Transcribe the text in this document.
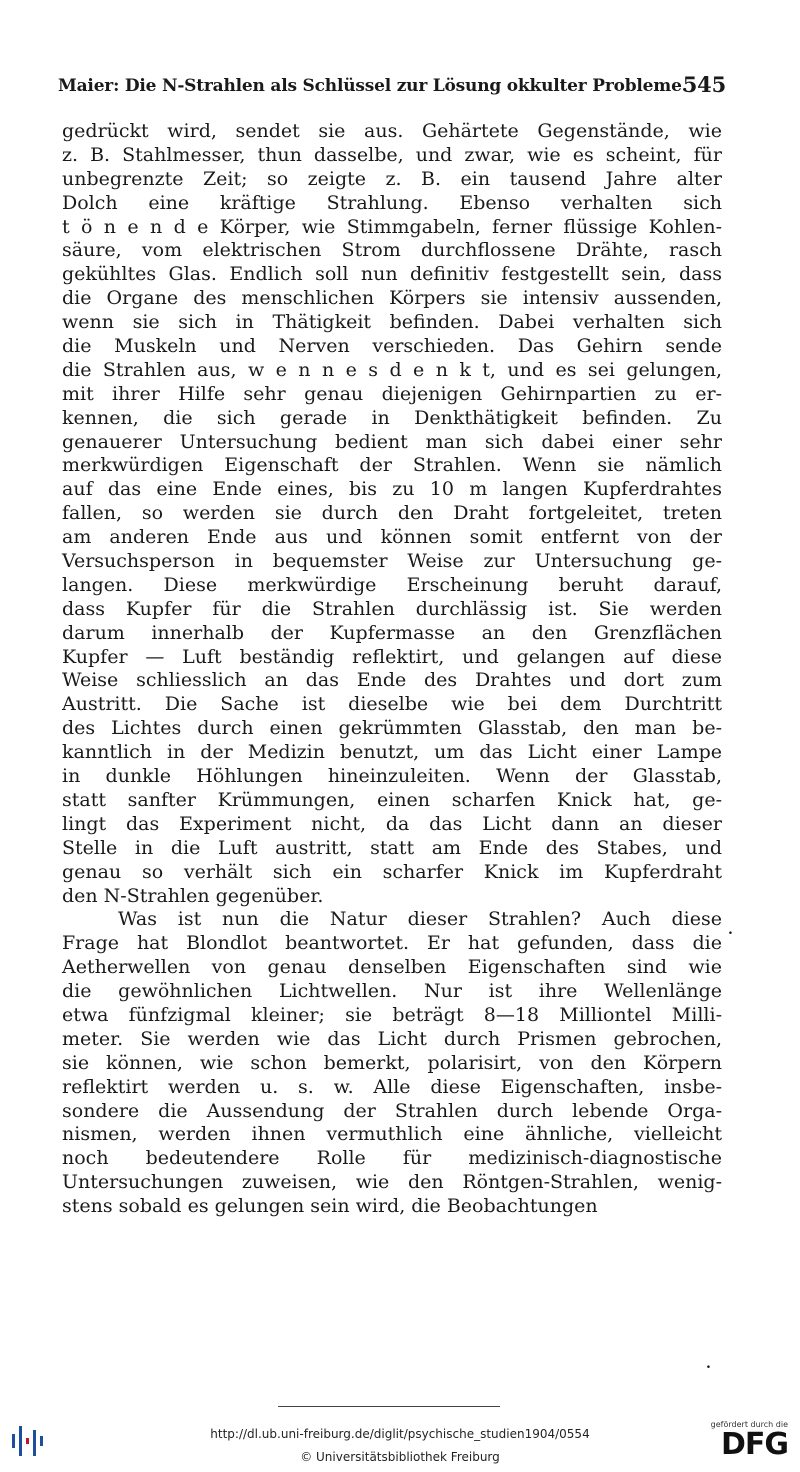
Maier: Die N-Strahlen als Schlüssel zur Lösung okkulter Probleme.
545
gedrückt wird, sendet sie aus. Gehärtete Gegenstände, wie
z. B. Stahlmesser, thun dasselbe, und zwar, wie es scheint, für
unbegrenzte Zeit; so zeigte z. B. ein tausend Jahre alter
Dolch eine kräftige Strahlung. Ebenso verhalten sich
t ö n e n d e Körper, wie Stimmgabeln, ferner flüssige Kohlen-
säure, vom elektrischen Strom durchflossene Drähte, rasch
gekühltes Glas. Endlich soll nun definitiv festgestellt sein, dass
die Organe des menschlichen Körpers sie intensiv aussenden,
wenn sie sich in Thätigkeit befinden. Dabei verhalten sich
die Muskeln und Nerven verschieden. Das Gehirn sende
die Strahlen aus, w e n n e s d e n k t, und es sei gelungen,
mit ihrer Hilfe sehr genau diejenigen Gehirnpartien zu er-
kennen, die sich gerade in Denkthätigkeit befinden. Zu
genauerer Untersuchung bedient man sich dabei einer sehr
merkwürdigen Eigenschaft der Strahlen. Wenn sie nämlich
auf das eine Ende eines, bis zu 10 m langen Kupferdrahtes
fallen, so werden sie durch den Draht fortgeleitet, treten
am anderen Ende aus und können somit entfernt von der
Versuchsperson in bequemster Weise zur Untersuchung ge-
langen. Diese merkwürdige Erscheinung beruht darauf,
dass Kupfer für die Strahlen durchlässig ist. Sie werden
darum innerhalb der Kupfermasse an den Grenzflächen
Kupfer — Luft beständig reflektirt, und gelangen auf diese
Weise schliesslich an das Ende des Drahtes und dort zum
Austritt. Die Sache ist dieselbe wie bei dem Durchtritt
des Lichtes durch einen gekrümmten Glasstab, den man be-
kanntlich in der Medizin benutzt, um das Licht einer Lampe
in dunkle Höhlungen hineinzuleiten. Wenn der Glasstab,
statt sanfter Krümmungen, einen scharfen Knick hat, ge-
lingt das Experiment nicht, da das Licht dann an dieser
Stelle in die Luft austritt, statt am Ende des Stabes, und
genau so verhält sich ein scharfer Knick im Kupferdraht
den N-Strahlen gegenüber.
Was ist nun die Natur dieser Strahlen? Auch diese
Frage hat Blondlot beantwortet. Er hat gefunden, dass die
Aetherwellen von genau denselben Eigenschaften sind wie
die gewöhnlichen Lichtwellen. Nur ist ihre Wellenlänge
etwa fünfzigmal kleiner; sie beträgt 8—18 Milliontel Milli-
meter. Sie werden wie das Licht durch Prismen gebrochen,
sie können, wie schon bemerkt, polarisirt, von den Körpern
reflektirt werden u. s. w. Alle diese Eigenschaften, insbe-
sondere die Aussendung der Strahlen durch lebende Orga-
nismen, werden ihnen vermuthlich eine ähnliche, vielleicht
noch bedeutendere Rolle für medizinisch-diagnostische
Untersuchungen zuweisen, wie den Röntgen-Strahlen, wenig-
stens sobald es gelungen sein wird, die Beobachtungen
.
.
http://dl.ub.uni-freiburg.de/diglit/psychische_studien1904/0554
© Universitätsbibliothek Freiburg
gefördert durch die
DFG
